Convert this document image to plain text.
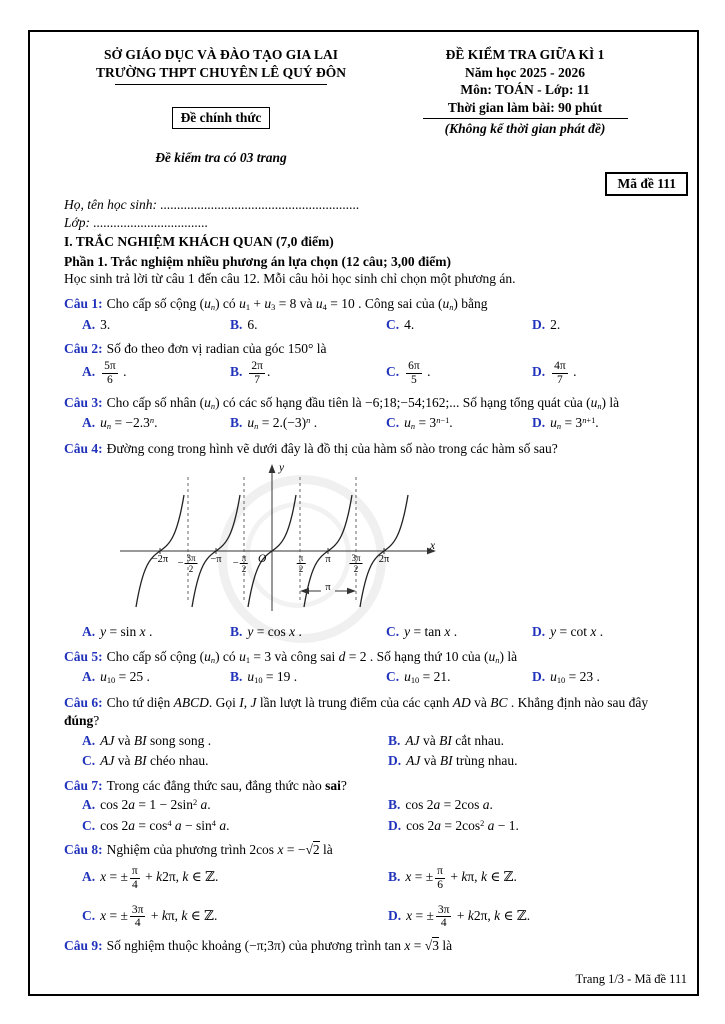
SỞ GIÁO DỤC VÀ ĐÀO TẠO GIA LAI
TRƯỜNG THPT CHUYÊN LÊ QUÝ ĐÔN
Đề chính thức
Đề kiểm tra có 03 trang
ĐỀ KIỂM TRA GIỮA KÌ 1
Năm học 2025 - 2026
Môn: TOÁN - Lớp: 11
Thời gian làm bài: 90 phút
(Không kể thời gian phát đề)
Mã đề 111
Họ, tên học sinh: ...........................................................
Lớp: ..................................
I. TRẮC NGHIỆM KHÁCH QUAN (7,0 điểm)
Phần 1. Trắc nghiệm nhiều phương án lựa chọn (12 câu; 3,00 điểm)
Học sinh trả lời từ câu 1 đến câu 12. Mỗi câu hỏi học sinh chỉ chọn một phương án.

Câu 1: Cho cấp số cộng $(u_n)$ có $u_1 + u_3 = 8$ và $u_4 = 10$ . Công sai của $(u_n)$ bằng

A. 3.	B. 6.	C. 4.	D. 2.

Câu 2: Số đo theo đơn vị radian của góc 150° là

A. $\frac{5\pi}{6}$ .	B. $\frac{2\pi}{7}$ .	C. $\frac{6\pi}{5}$ .	D. $\frac{4\pi}{7}$ .

Câu 3: Cho cấp số nhân $(u_n)$ có các số hạng đầu tiên là −6;18;−54;162;... Số hạng tổng quát của $(u_n)$ là

A. $u_n = -2.3^n$.	B. $u_n = 2.(-3)^n$ .	C. $u_n = 3^{n-1}$.	D. $u_n = 3^{n+1}$.

Câu 4: Đường cong trong hình vẽ dưới đây là đồ thị của hàm số nào trong các hàm số sau?

y
x
O
$-2\pi - \frac{3\pi}{2} -\pi - \frac{\pi}{2}$	$\frac{\pi}{2}$ π $\frac{3\pi}{2} 2\pi$
π
A. y = sin x .	B. y = cos x .	C. y = tan x .	D. y = cot x .

Câu 5: Cho cấp số cộng $(u_n)$ có $u_1 = 3$ và công sai d = 2 . Số hạng thứ 10 của $(u_n)$ là

A. $u_{10} = 25$ .	B. $u_{10} = 19$ .	C. $u_{10} = 21$.	D. $u_{10} = 23$ .

Câu 6: Cho tứ diện ABCD. Gọi I, J lần lượt là trung điểm của các cạnh AD và BC . Khẳng định nào sau đây đúng?

A. AJ và BI song song .	B. AJ và BI cắt nhau.
C. AJ và BI chéo nhau.	D. AJ và BI trùng nhau.

Câu 7: Trong các đẳng thức sau, đẳng thức nào sai?

A. $\cos 2a = 1 - 2\sin^2$ a.	B. cos 2a = 2cos a.
C. $\cos 2a = \cos^4 a - \sin^4 a$.	D. $\cos 2a = 2\cos^2$ a − 1.

Câu 8: Nghiệm của phương trình 2cos x = −√2 là

A. x = ± $\frac{\pi}{4} + k2\pi$, k ∈ ℤ.	B. x = ± $\frac{\pi}{6} + k\pi$, k ∈ ℤ.
C. x = ± $\frac{3\pi}{4} + k\pi$, k ∈ ℤ.	D. x = ± $\frac{3\pi}{4} + k2\pi$, k ∈ ℤ.

Câu 9: Số nghiệm thuộc khoảng (−π;3π) của phương trình tan x = √3 là

Trang 1/3 - Mã đề 111
